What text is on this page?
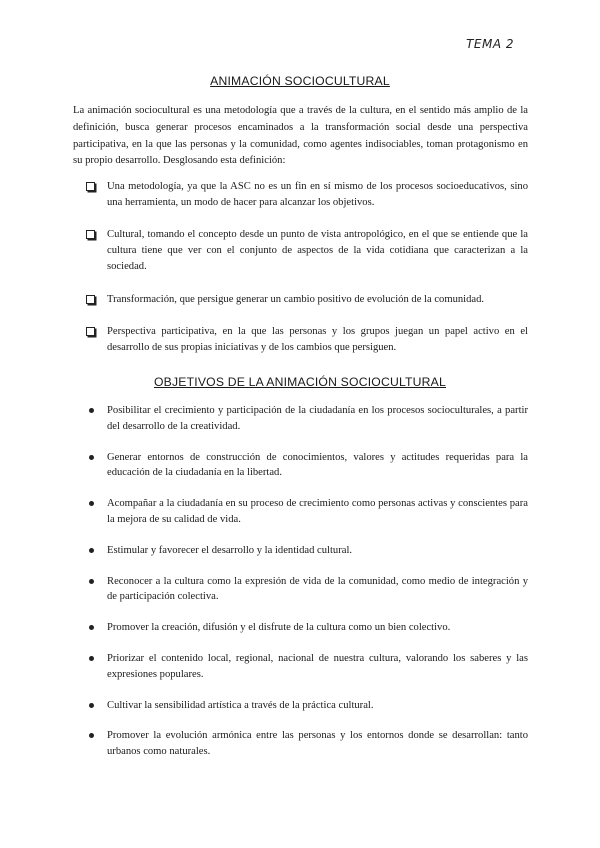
TEMA 2
ANIMACIÓN SOCIOCULTURAL

La animación sociocultural es una metodología que a través de la cultura, en el sentido más amplio de la definición, busca generar procesos encaminados a la transformación social desde una perspectiva participativa, en la que las personas y la comunidad, como agentes indisociables, toman protagonismo en su propio desarrollo. Desglosando esta definición:

Una metodología, ya que la ASC no es un fin en sí mismo de los procesos socioeducativos, sino una herramienta, un modo de hacer para alcanzar los objetivos.
Cultural, tomando el concepto desde un punto de vista antropológico, en el que se entiende que la cultura tiene que ver con el conjunto de aspectos de la vida cotidiana que caracterizan a la sociedad.
Transformación, que persigue generar un cambio positivo de evolución de la comunidad.
Perspectiva participativa, en la que las personas y los grupos juegan un papel activo en el desarrollo de sus propias iniciativas y de los cambios que persiguen.
OBJETIVOS DE LA ANIMACIÓN SOCIOCULTURAL
Posibilitar el crecimiento y participación de la ciudadanía en los procesos socioculturales, a partir del desarrollo de la creatividad.
Generar entornos de construcción de conocimientos, valores y actitudes requeridas para la educación de la ciudadanía en la libertad.
Acompañar a la ciudadanía en su proceso de crecimiento como personas activas y conscientes para la mejora de su calidad de vida.
Estimular y favorecer el desarrollo y la identidad cultural.
Reconocer a la cultura como la expresión de vida de la comunidad, como medio de integración y de participación colectiva.
Promover la creación, difusión y el disfrute de la cultura como un bien colectivo.
Priorizar el contenido local, regional, nacional de nuestra cultura, valorando los saberes y las expresiones populares.
Cultivar la sensibilidad artística a través de la práctica cultural.
Promover la evolución armónica entre las personas y los entornos donde se desarrollan: tanto urbanos como naturales.
